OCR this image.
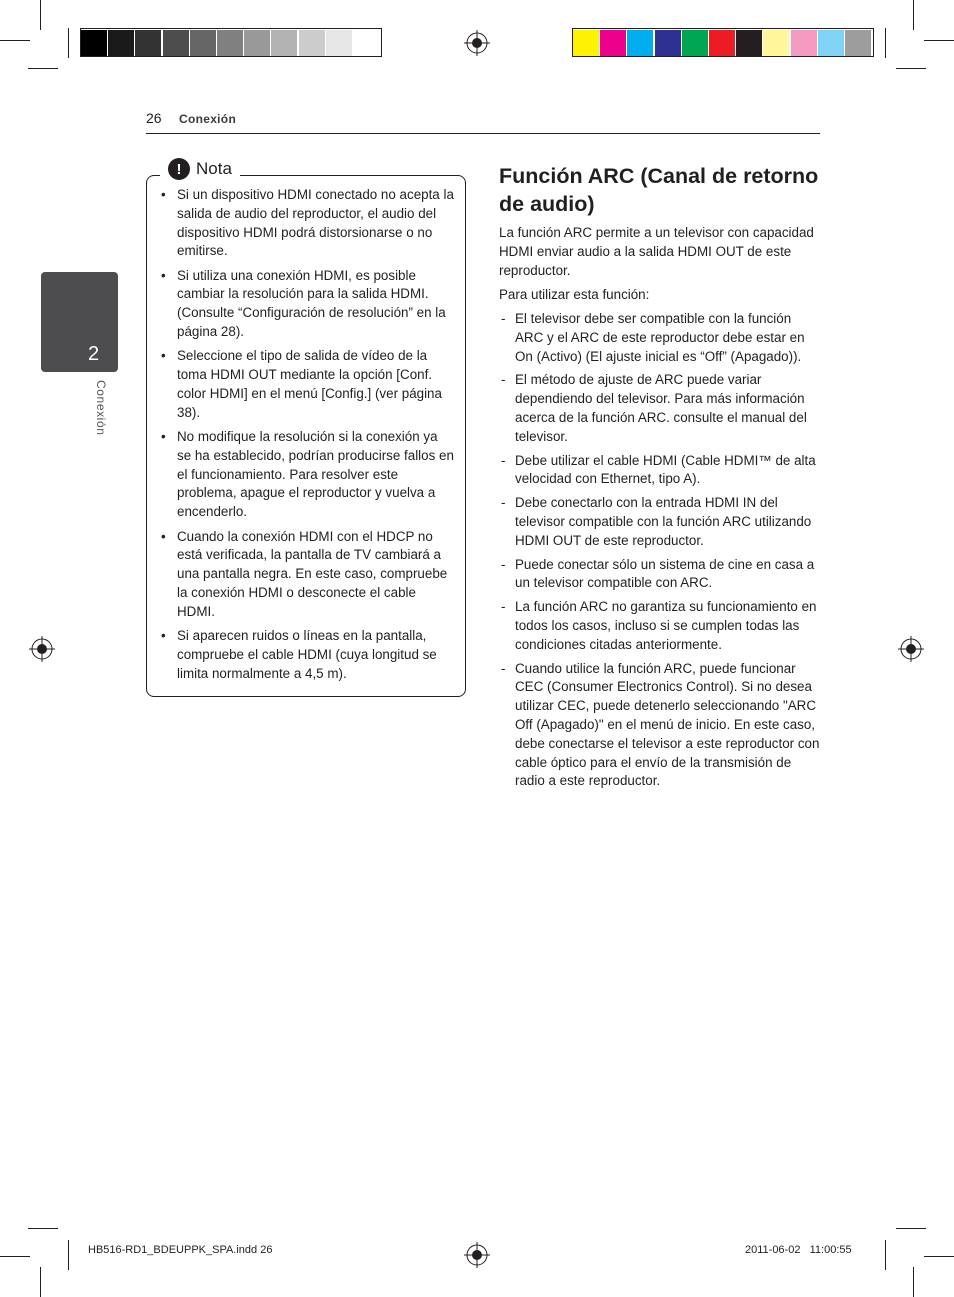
26 Conexión
2
Conexión
! Nota
• Si un dispositivo HDMI conectado no acepta la salida de audio del reproductor, el audio del dispositivo HDMI podrá distorsionarse o no emitirse.
• Si utiliza una conexión HDMI, es posible cambiar la resolución para la salida HDMI. (Consulte “Configuración de resolución” en la página 28).
• Seleccione el tipo de salida de vídeo de la toma HDMI OUT mediante la opción [Conf. color HDMI] en el menú [Config.] (ver página 38).
• No modifique la resolución si la conexión ya se ha establecido, podrían producirse fallos en el funcionamiento. Para resolver este problema, apague el reproductor y vuelva a encenderlo.
• Cuando la conexión HDMI con el HDCP no está verificada, la pantalla de TV cambiará a una pantalla negra. En este caso, compruebe la conexión HDMI o desconecte el cable HDMI.
• Si aparecen ruidos o líneas en la pantalla, compruebe el cable HDMI (cuya longitud se limita normalmente a 4,5 m).
Función ARC (Canal de retorno de audio)
La función ARC permite a un televisor con capacidad HDMI enviar audio a la salida HDMI OUT de este reproductor.
Para utilizar esta función:
- El televisor debe ser compatible con la función ARC y el ARC de este reproductor debe estar en On (Activo) (El ajuste inicial es “Off” (Apagado)).
- El método de ajuste de ARC puede variar dependiendo del televisor. Para más información acerca de la función ARC. consulte el manual del televisor.
- Debe utilizar el cable HDMI (Cable HDMI™ de alta velocidad con Ethernet, tipo A).
- Debe conectarlo con la entrada HDMI IN del televisor compatible con la función ARC utilizando HDMI OUT de este reproductor.
- Puede conectar sólo un sistema de cine en casa a un televisor compatible con ARC.
- La función ARC no garantiza su funcionamiento en todos los casos, incluso si se cumplen todas las condiciones citadas anteriormente.
- Cuando utilice la función ARC, puede funcionar CEC (Consumer Electronics Control). Si no desea utilizar CEC, puede detenerlo seleccionando "ARC Off (Apagado)" en el menú de inicio. En este caso, debe conectarse el televisor a este reproductor con cable óptico para el envío de la transmisión de radio a este reproductor.
HB516-RD1_BDEUPPK_SPA.indd 26	2011-06-02   11:00:55
